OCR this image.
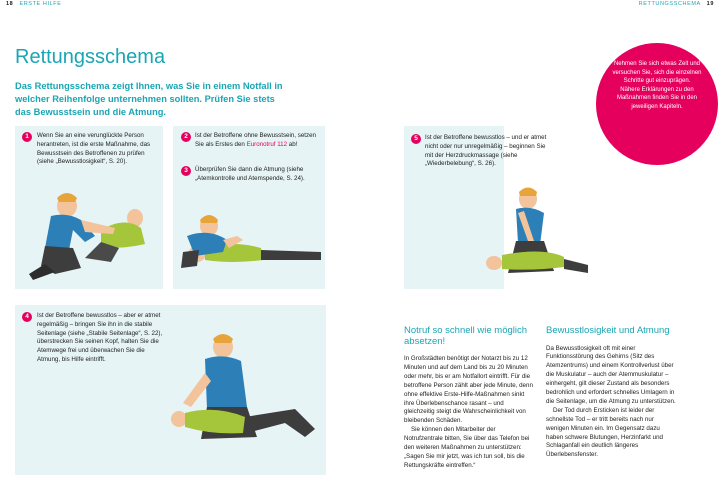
18 ERSTE HILFE	RETTUNGSSCHEMA 19
Rettungsschema

Das Rettungsschema zeigt Ihnen, was Sie in einem Notfall in welcher Reihenfolge unternehmen sollten. Prüfen Sie stets das Bewusstsein und die Atmung.

Nehmen Sie sich etwas Zeit und versuchen Sie, sich die einzelnen Schritte gut einzuprägen.
Nähere Erklärungen zu den Maßnahmen finden Sie in den jeweiligen Kapiteln.
1	Wenn Sie an eine verunglückte Person herantreten, ist die erste Maßnahme, das Bewusstsein des Betroffenen zu prüfen (siehe „Bewusstlosigkeit“, S. 20).
2	Ist der Betroffene ohne Bewusstsein, setzen Sie als Erstes den Euronotruf 112 ab!
3	Überprüfen Sie dann die Atmung (siehe „Atemkontrolle und Atemspende, S. 24).
5	Ist der Betroffene bewusstlos – und er atmet nicht oder nur unregelmäßig – beginnen Sie mit der Herzdruckmassage (siehe „Wiederbelebung“, S. 26).
4	Ist der Betroffene bewusstlos – aber er atmet regelmäßig – bringen Sie ihn in die stabile Seitenlage (siehe „Stabile Seitenlage“, S. 22), überstrecken Sie seinen Kopf, halten Sie die Atemwege frei und überwachen Sie die Atmung, bis Hilfe eintrifft.
Notruf so schnell wie möglich absetzen!

In Großstädten benötigt der Notarzt bis zu 12 Minuten und auf dem Land bis zu 20 Minuten oder mehr, bis er am Notfallort eintrifft. Für die betroffene Person zählt aber jede Minute, denn ohne effektive Erste-Hilfe-Maßnahmen sinkt ihre Überlebenschance rasant – und gleichzeitig steigt die Wahrscheinlichkeit von bleibenden Schäden.

Sie können den Mitarbeiter der Notrufzentrale bitten, Sie über das Telefon bei den weiteren Maßnahmen zu unterstützen: „Sagen Sie mir jetzt, was ich tun soll, bis die Rettungskräfte eintreffen.“

Bewusstlosigkeit und Atmung

Da Bewusstlosigkeit oft mit einer Funktionsstörung des Gehirns (Sitz des Atemzentrums) und einem Kontrollverlust über die Muskulatur – auch der Atemmuskulatur – einhergeht, gilt dieser Zustand als besonders bedrohlich und erfordert schnelles Umlagern in die Seitenlage, um die Atmung zu unterstützen.

Der Tod durch Ersticken ist leider der schnellste Tod – er tritt bereits nach nur wenigen Minuten ein. Im Gegensatz dazu haben schwere Blutungen, Herzinfarkt und Schlaganfall ein deutlich längeres Überlebensfenster.
